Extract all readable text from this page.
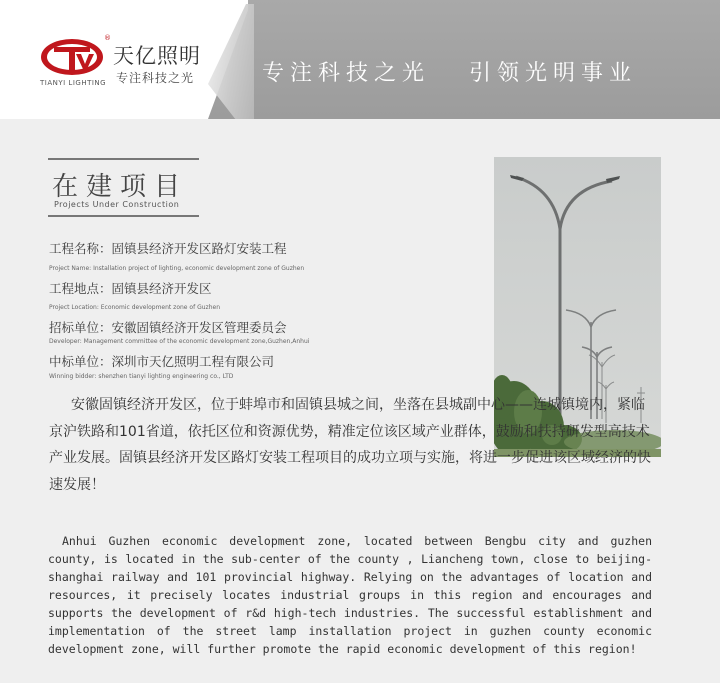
®
天亿照明
专注科技之光
TIANYI LIGHTING	专注科技之光   引领光明事业
在建项目
Projects Under Construction
工程名称：固镇县经济开发区路灯安装工程
Project Name: Installation project of lighting, economic development zone of Guzhen
工程地点：固镇县经济开发区
Project Location: Economic development zone of Guzhen
招标单位：安徽固镇经济开发区管理委员会
Developer: Management committee of the economic development zone,Guzhen,Anhui
中标单位：深圳市天亿照明工程有限公司
Winning bidder: shenzhen tianyi lighting engineering co., LTD
安徽固镇经济开发区，位于蚌埠市和固镇县城之间，坐落在县城副中心——连城镇境内，紧临京沪铁路和101省道，依托区位和资源优势，精准定位该区域产业群体，鼓励和扶持研发型高技术产业发展。固镇县经济开发区路灯安装工程项目的成功立项与实施，将进一步促进该区域经济的快速发展！
Anhui Guzhen economic development zone, located between Bengbu city and guzhen county, is located in the sub-center of the county , Liancheng town, close to beijing-shanghai railway and 101 provincial highway. Relying on the advantages of location and resources, it precisely locates industrial groups in this region and encourages and supports the development of r&d high-tech industries. The successful establishment and implementation of the street lamp installation project in guzhen county economic development zone, will further promote the rapid economic development of this region!
